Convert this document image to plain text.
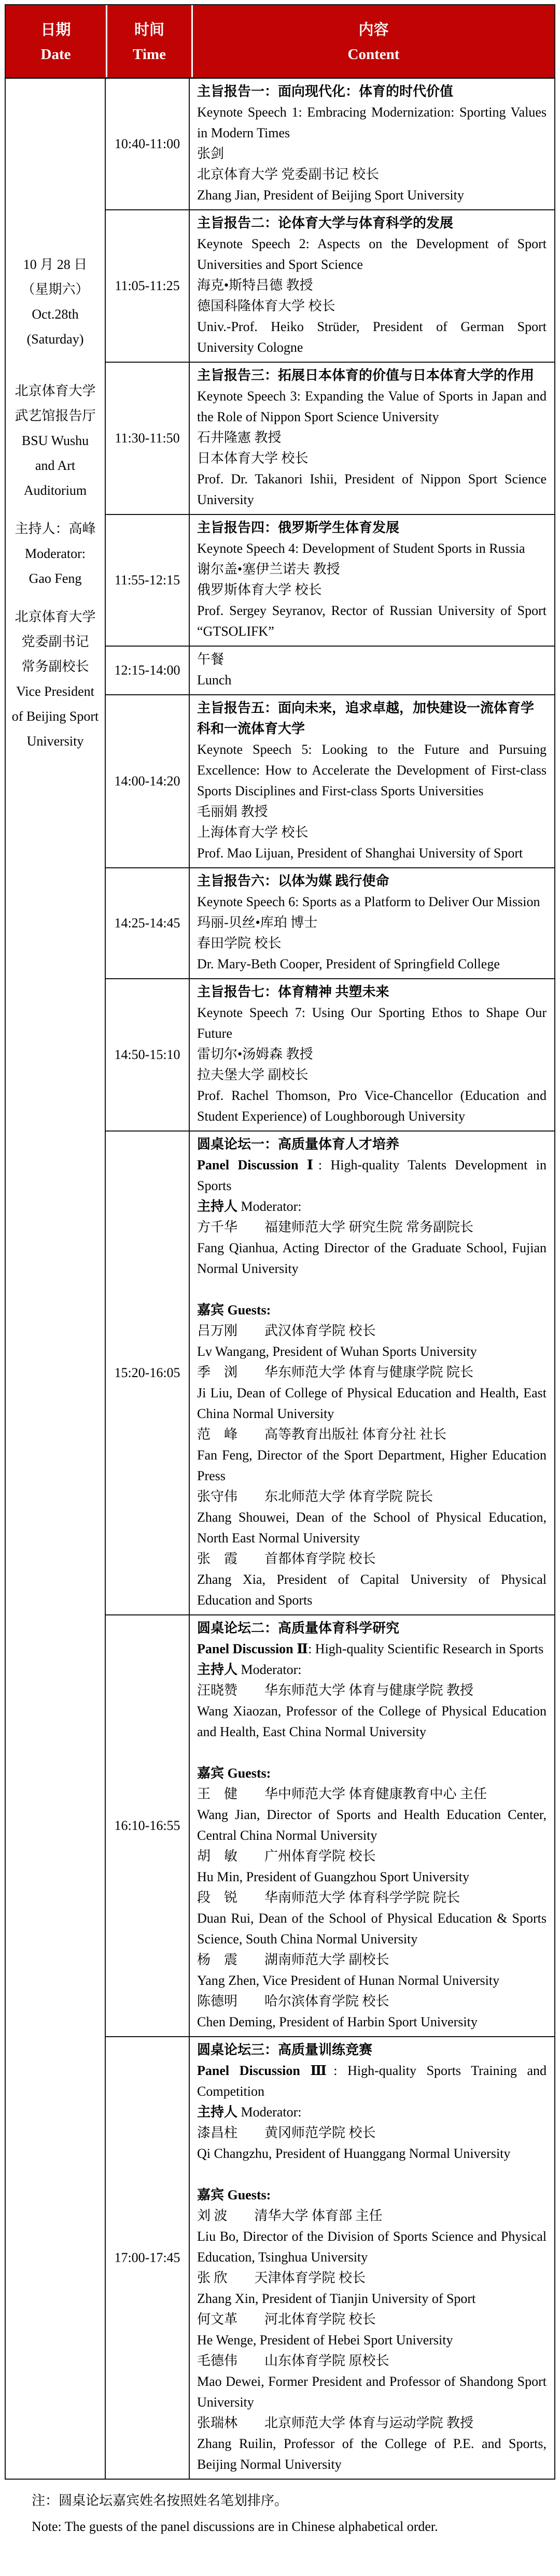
日期
Date
时间
Time
内容
Content
10 月 28 日
（星期六）
Oct.28th
(Saturday)
北京体育大学
武艺馆报告厅
BSU Wushu
and Art
Auditorium
主持人：高峰
Moderator:
Gao Feng
北京体育大学
党委副书记
常务副校长
Vice President
of Beijing Sport
University
10:40-11:00
主旨报告一：面向现代化：体育的时代价值
Keynote Speech 1: Embracing Modernization: Sporting Values in Modern Times
张剑
北京体育大学 党委副书记 校长
Zhang Jian, President of Beijing Sport University
11:05-11:25
主旨报告二：论体育大学与体育科学的发展
Keynote Speech 2: Aspects on the Development of Sport Universities and Sport Science
海克•斯特吕德 教授
德国科隆体育大学 校长
Univ.-Prof. Heiko Strüder, President of German Sport University Cologne
11:30-11:50
主旨报告三：拓展日本体育的价值与日本体育大学的作用
Keynote Speech 3: Expanding the Value of Sports in Japan and the Role of Nippon Sport Science University
石井隆憲 教授
日本体育大学 校长
Prof. Dr. Takanori Ishii, President of Nippon Sport Science University
11:55-12:15
主旨报告四：俄罗斯学生体育发展
Keynote Speech 4: Development of Student Sports in Russia
谢尔盖•塞伊兰诺夫 教授
俄罗斯体育大学 校长
Prof. Sergey Seyranov, Rector of Russian University of Sport “GTSOLIFK”
12:15-14:00
午餐
Lunch
14:00-14:20
主旨报告五：面向未来，追求卓越，加快建设一流体育学科和一流体育大学
Keynote Speech 5: Looking to the Future and Pursuing Excellence: How to Accelerate the Development of First-class Sports Disciplines and First-class Sports Universities
毛丽娟 教授
上海体育大学 校长
Prof. Mao Lijuan, President of Shanghai University of Sport
14:25-14:45
主旨报告六：以体为媒 践行使命
Keynote Speech 6: Sports as a Platform to Deliver Our Mission
玛丽-贝丝•库珀 博士
春田学院 校长
Dr. Mary-Beth Cooper, President of Springfield College
14:50-15:10
主旨报告七：体育精神 共塑未来
Keynote Speech 7: Using Our Sporting Ethos to Shape Our Future
雷切尔•汤姆森 教授
拉夫堡大学 副校长
Prof. Rachel Thomson, Pro Vice-Chancellor (Education and Student Experience) of Loughborough University
15:20-16:05
圆桌论坛一：高质量体育人才培养
Panel Discussion Ⅰ: High-quality Talents Development in Sports
主持人 Moderator:
方千华　　福建师范大学 研究生院 常务副院长
Fang Qianhua, Acting Director of the Graduate School, Fujian Normal University
嘉宾 Guests:
吕万刚　　武汉体育学院 校长
Lv Wangang, President of Wuhan Sports University
季　浏　　华东师范大学 体育与健康学院 院长
Ji Liu, Dean of College of Physical Education and Health, East China Normal University
范　峰　　高等教育出版社 体育分社 社长
Fan Feng, Director of the Sport Department, Higher Education Press
张守伟　　东北师范大学 体育学院 院长
Zhang Shouwei, Dean of the School of Physical Education, North East Normal University
张　霞　　首都体育学院 校长
Zhang Xia, President of Capital University of Physical Education and Sports
16:10-16:55
圆桌论坛二：高质量体育科学研究
Panel Discussion Ⅱ: High-quality Scientific Research in Sports
主持人 Moderator:
汪晓赞　　华东师范大学 体育与健康学院 教授
Wang Xiaozan, Professor of the College of Physical Education and Health, East China Normal University
嘉宾 Guests:
王　健　　华中师范大学 体育健康教育中心 主任
Wang Jian, Director of Sports and Health Education Center, Central China Normal University
胡　敏　　广州体育学院 校长
Hu Min, President of Guangzhou Sport University
段　锐　　华南师范大学 体育科学学院 院长
Duan Rui, Dean of the School of Physical Education & Sports Science, South China Normal University
杨　震　　湖南师范大学 副校长
Yang Zhen, Vice President of Hunan Normal University
陈德明　　哈尔滨体育学院 校长
Chen Deming, President of Harbin Sport University
17:00-17:45
圆桌论坛三：高质量训练竞赛
Panel Discussion Ⅲ: High-quality Sports Training and Competition
主持人 Moderator:
漆昌柱　　黄冈师范学院 校长
Qi Changzhu, President of Huanggang Normal University
嘉宾 Guests:
刘 波　　清华大学 体育部 主任
Liu Bo, Director of the Division of Sports Science and Physical Education, Tsinghua University
张 欣　　天津体育学院 校长
Zhang Xin, President of Tianjin University of Sport
何文革　　河北体育学院 校长
He Wenge, President of Hebei Sport University
毛德伟　　山东体育学院 原校长
Mao Dewei, Former President and Professor of Shandong Sport University
张瑞林　　北京师范大学 体育与运动学院 教授
Zhang Ruilin, Professor of the College of P.E. and Sports, Beijing Normal University
注：圆桌论坛嘉宾姓名按照姓名笔划排序。
Note: The guests of the panel discussions are in Chinese alphabetical order.
